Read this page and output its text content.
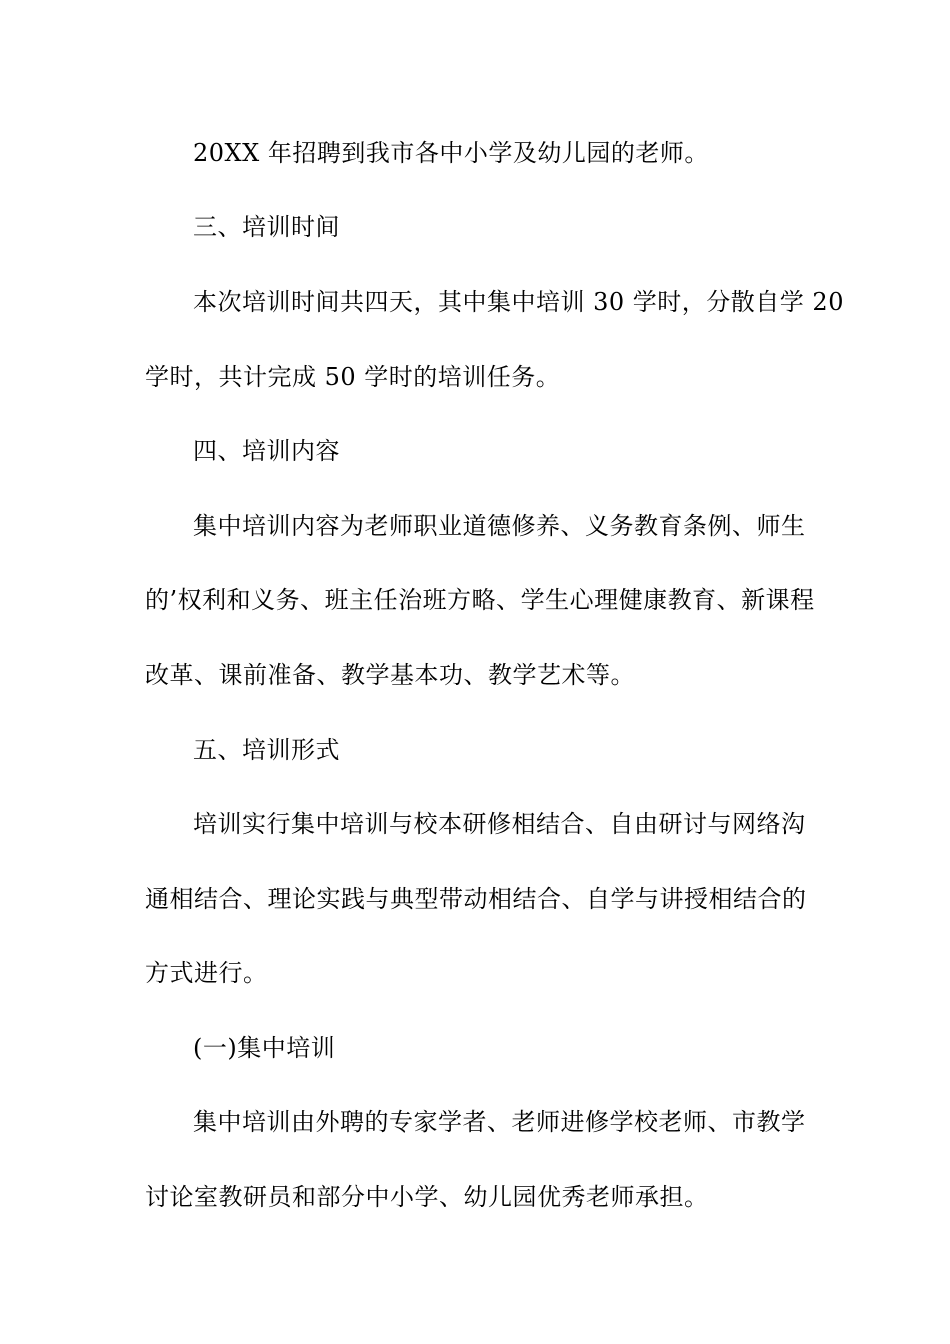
20XX 年招聘到我市各中小学及幼儿园的老师。
三、培训时间
本次培训时间共四天，其中集中培训 30 学时，分散自学 20
学时，共计完成 50 学时的培训任务。
四、培训内容
集中培训内容为老师职业道德修养、义务教育条例、师生
的’权利和义务、班主任治班方略、学生心理健康教育、新课程
改革、课前准备、教学基本功、教学艺术等。
五、培训形式
培训实行集中培训与校本研修相结合、自由研讨与网络沟
通相结合、理论实践与典型带动相结合、自学与讲授相结合的
方式进行。
(一)集中培训
集中培训由外聘的专家学者、老师进修学校老师、市教学
讨论室教研员和部分中小学、幼儿园优秀老师承担。
